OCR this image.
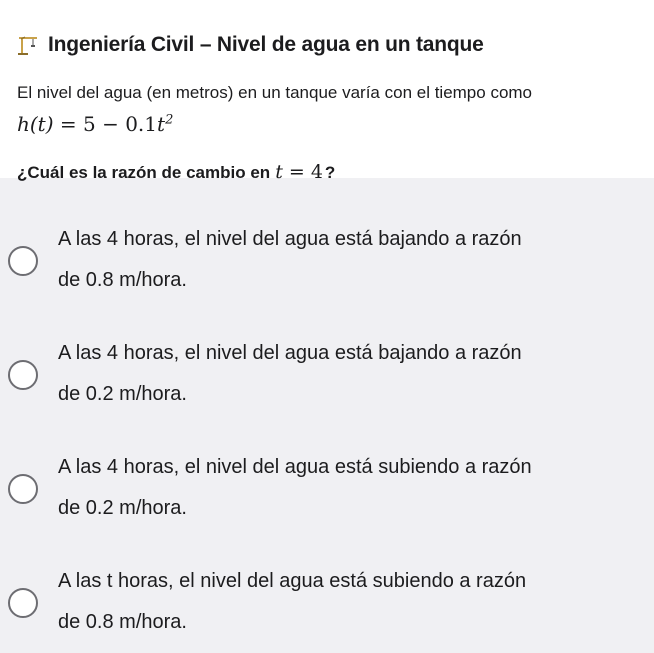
Ingeniería Civil – Nivel de agua en un tanque
El nivel del agua (en metros) en un tanque varía con el tiempo como
$h(t) = 5 - 0.1t^2$
¿Cuál es la razón de cambio en t = 4 ?
A las 4 horas, el nivel del agua está bajando a razón
de 0.8 m/hora.
A las 4 horas, el nivel del agua está bajando a razón
de 0.2 m/hora.
A las 4 horas, el nivel del agua está subiendo a razón
de 0.2 m/hora.
A las t horas, el nivel del agua está subiendo a razón
de 0.8 m/hora.
